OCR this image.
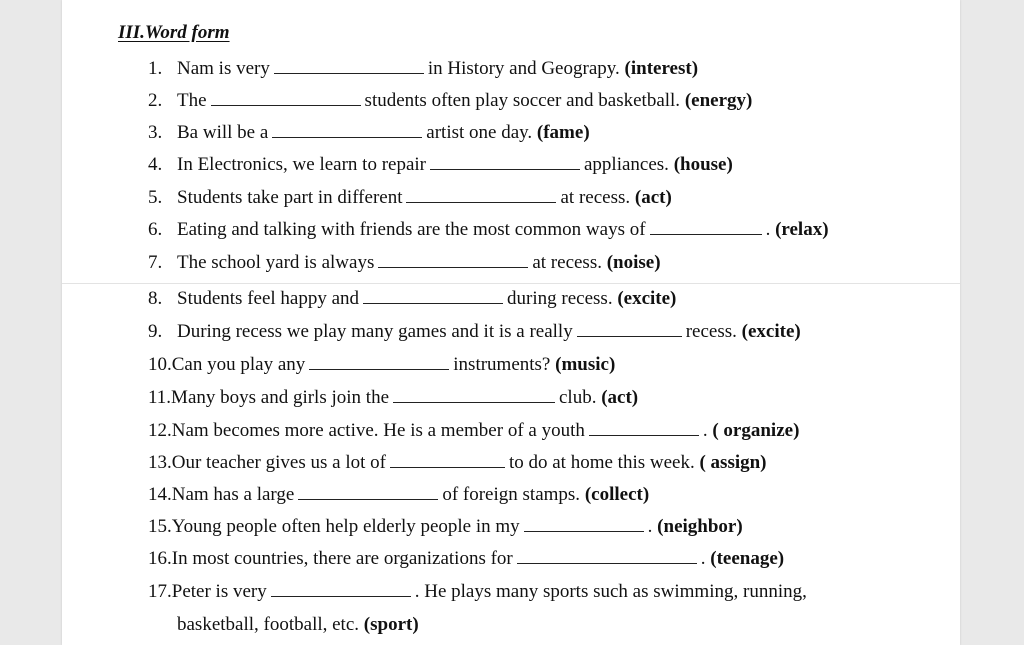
III.Word form
1. Nam is very	in History and Geograpy. (interest)
2. The	students often play soccer and basketball. (energy)
3. Ba will be a	artist one day. (fame)
4. In Electronics, we learn to repair	appliances. (house)
5. Students take part in different	at recess. (act)
6. Eating and talking with friends are the most common ways of	. (relax)
7. The school yard is always	at recess. (noise)
8. Students feel happy and	during recess. (excite)
9. During recess we play many games and it is a really	recess. (excite)
10.Can you play any	instruments? (music)
11.Many boys and girls join the	club. (act)
12.Nam becomes more active. He is a member of a youth	. ( organize)
13.Our teacher gives us a lot of	to do at home this week. ( assign)
14.Nam has a large	of foreign stamps. (collect)
15.Young people often help elderly people in my	. (neighbor)
16.In most countries, there are organizations for	. (teenage)
17.Peter is very	. He plays many sports such as swimming, running,
basketball, football, etc. (sport)
